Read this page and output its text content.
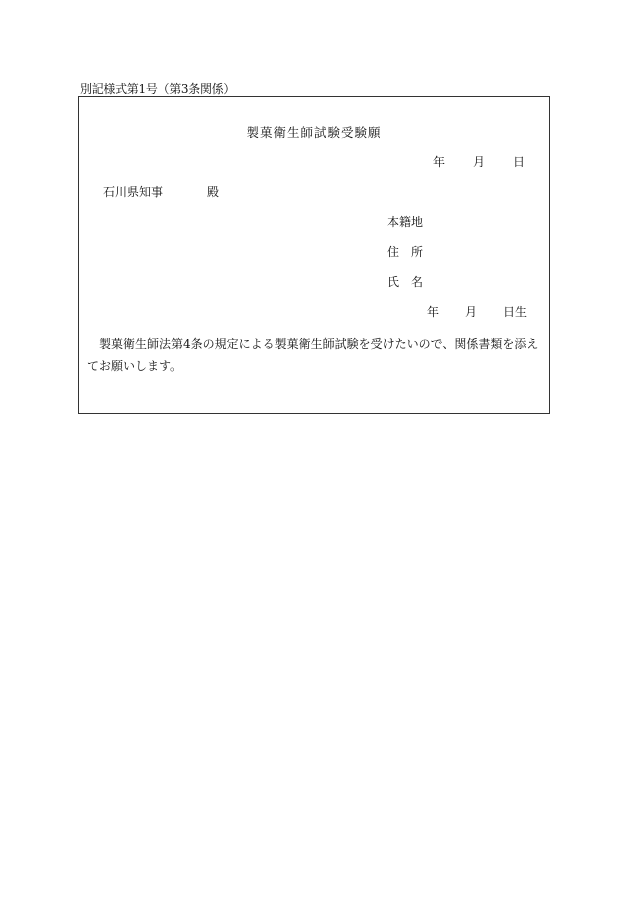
別記様式第1号（第3条関係）
製菓衛生師試験受験願
年 月 日
石川県知事	殿
本籍地
住 所
氏 名
年 月 日生
製菓衛生師法第4条の規定による製菓衛生師試験を受けたいので、関係書類を添えてお願いします。
